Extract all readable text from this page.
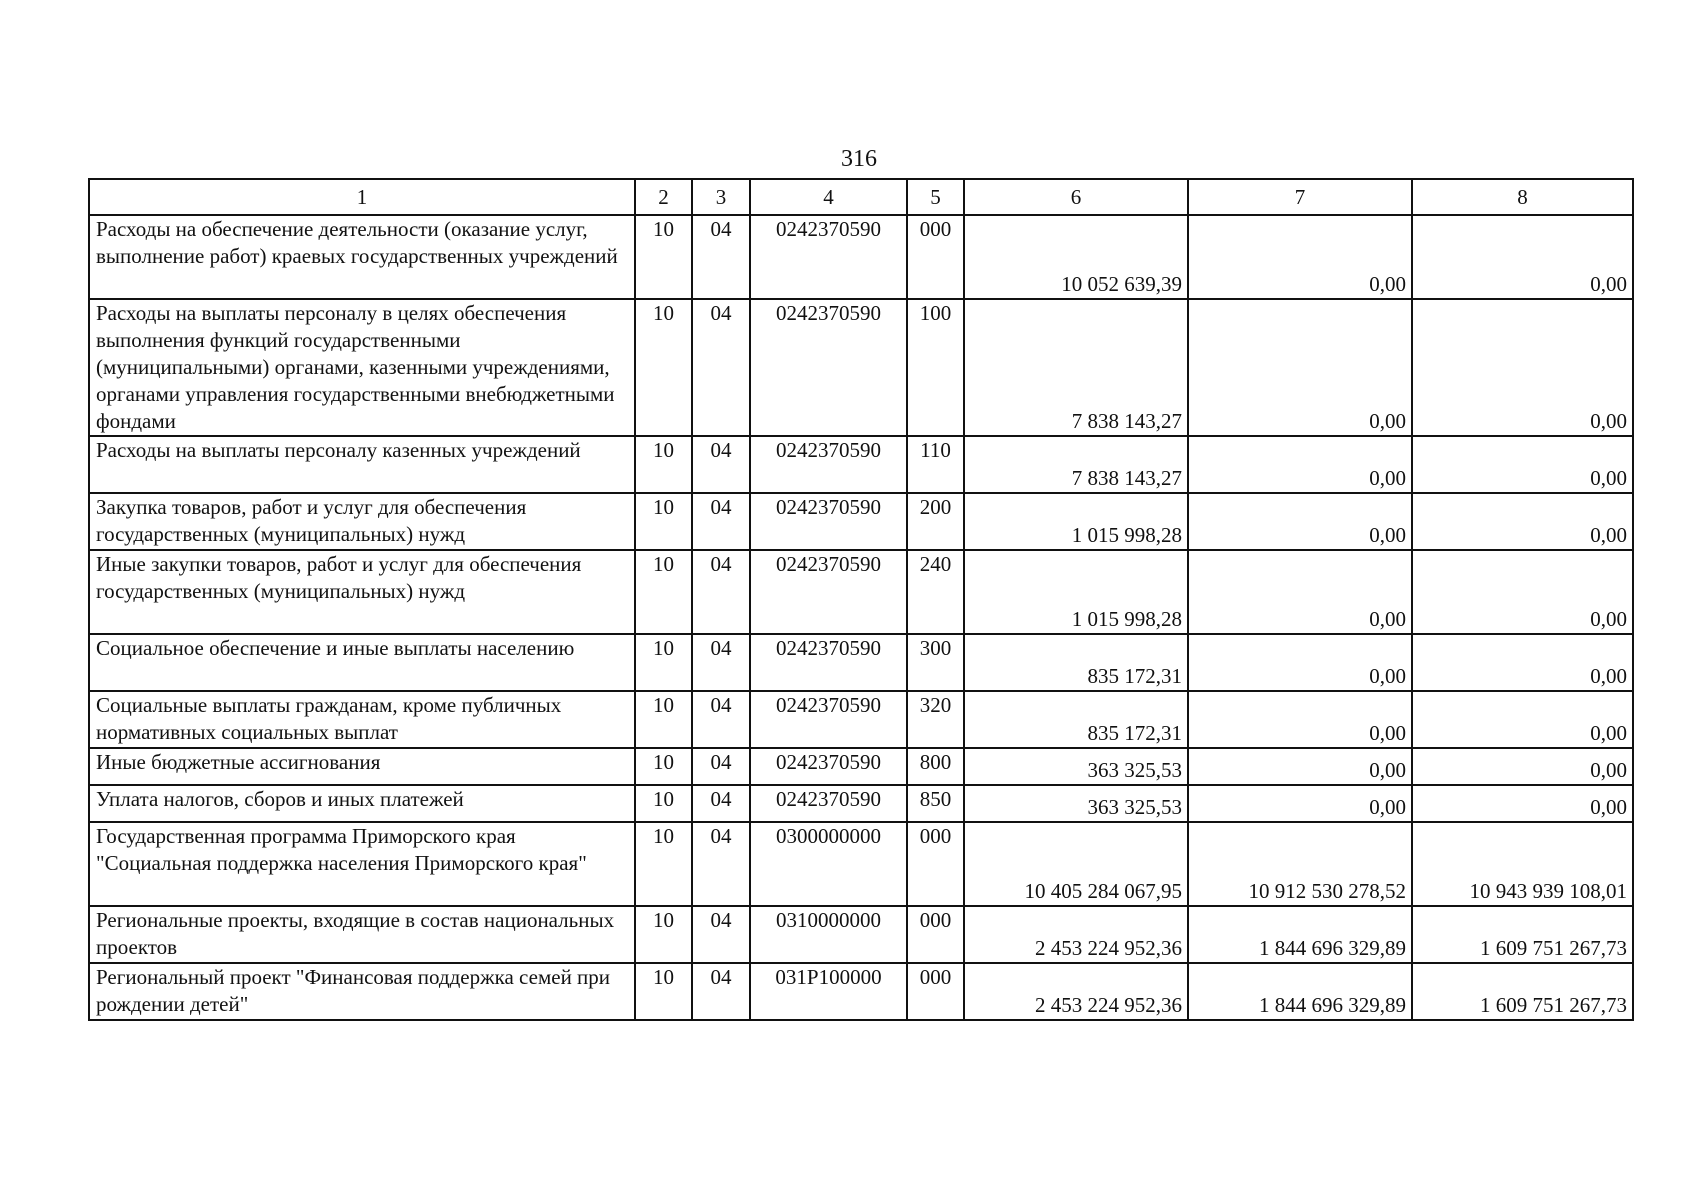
316
1	2	3	4	5	6	7	8
Расходы на обеспечение деятельности (оказание услуг, выполнение работ) краевых государственных учреждений	10	04	0242370590	000	10 052 639,39	0,00	0,00
Расходы на выплаты персоналу в целях обеспечения выполнения функций государственными (муниципальными) органами, казенными учреждениями, органами управления государственными внебюджетными фондами	10	04	0242370590	100	7 838 143,27	0,00	0,00
Расходы на выплаты персоналу казенных учреждений	10	04	0242370590	110	7 838 143,27	0,00	0,00
Закупка товаров, работ и услуг для обеспечения государственных (муниципальных) нужд	10	04	0242370590	200	1 015 998,28	0,00	0,00
Иные закупки товаров, работ и услуг для обеспечения государственных (муниципальных) нужд	10	04	0242370590	240	1 015 998,28	0,00	0,00
Социальное обеспечение и иные выплаты населению	10	04	0242370590	300	835 172,31	0,00	0,00
Социальные выплаты гражданам, кроме публичных нормативных социальных выплат	10	04	0242370590	320	835 172,31	0,00	0,00
Иные бюджетные ассигнования	10	04	0242370590	800	363 325,53	0,00	0,00
Уплата налогов, сборов и иных платежей	10	04	0242370590	850	363 325,53	0,00	0,00
Государственная программа Приморского края "Социальная поддержка населения Приморского края"	10	04	0300000000	000	10 405 284 067,95	10 912 530 278,52	10 943 939 108,01
Региональные проекты, входящие в состав национальных проектов	10	04	0310000000	000	2 453 224 952,36	1 844 696 329,89	1 609 751 267,73
Региональный проект "Финансовая поддержка семей при рождении детей"	10	04	031P100000	000	2 453 224 952,36	1 844 696 329,89	1 609 751 267,73
